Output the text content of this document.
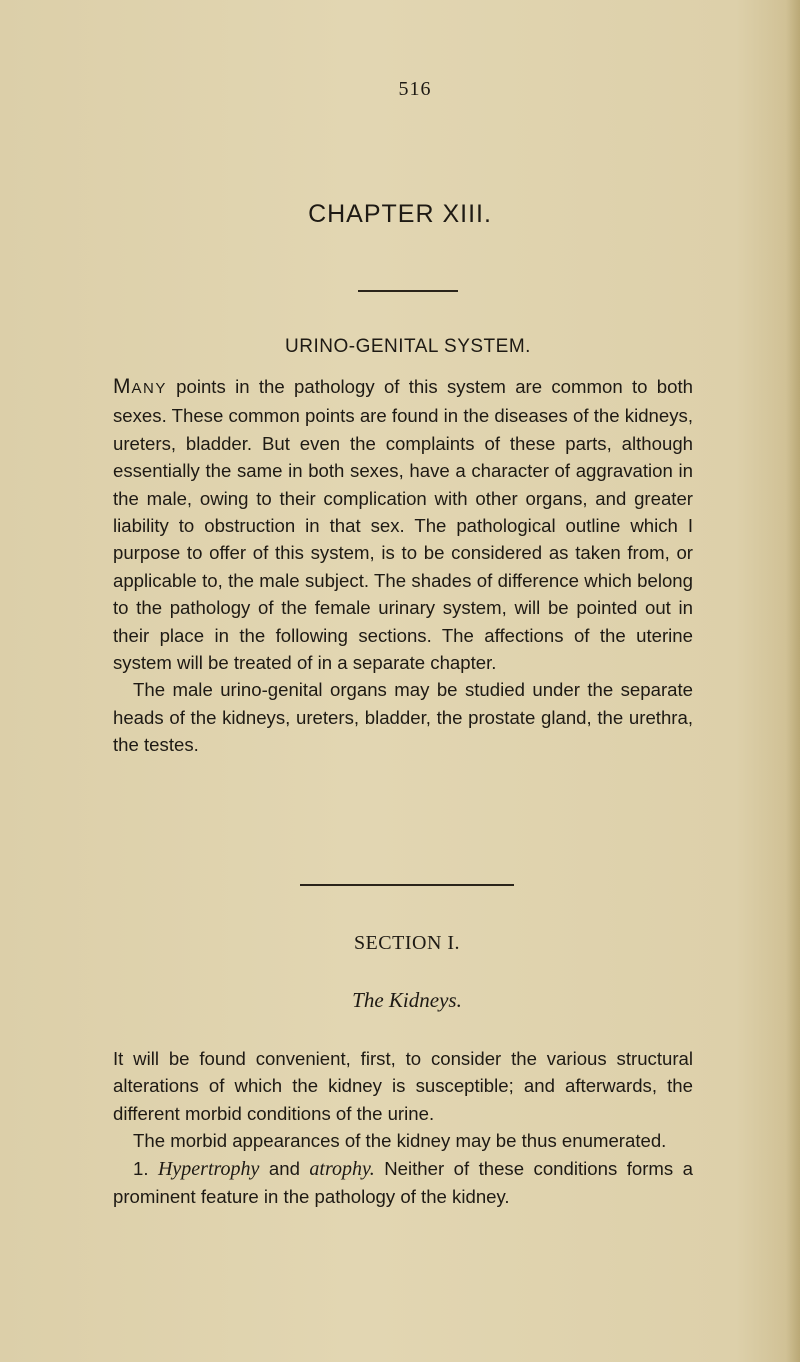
516
CHAPTER XIII.
URINO-GENITAL SYSTEM.

MANY points in the pathology of this system are common to both sexes. These common points are found in the diseases of the kidneys, ureters, bladder. But even the complaints of these parts, although essentially the same in both sexes, have a character of aggravation in the male, owing to their complication with other organs, and greater liability to obstruction in that sex. The pathological outline which I purpose to offer of this system, is to be considered as taken from, or applicable to, the male subject. The shades of difference which belong to the pathology of the female urinary system, will be pointed out in their place in the following sections. The affections of the uterine system will be treated of in a separate chapter.

The male urino-genital organs may be studied under the separate heads of the kidneys, ureters, bladder, the prostate gland, the urethra, the testes.

SECTION I.
The Kidneys.

It will be found convenient, first, to consider the various structural alterations of which the kidney is susceptible; and afterwards, the different morbid conditions of the urine.

The morbid appearances of the kidney may be thus enumerated.

1. Hypertrophy and atrophy. Neither of these conditions forms a prominent feature in the pathology of the kidney.
